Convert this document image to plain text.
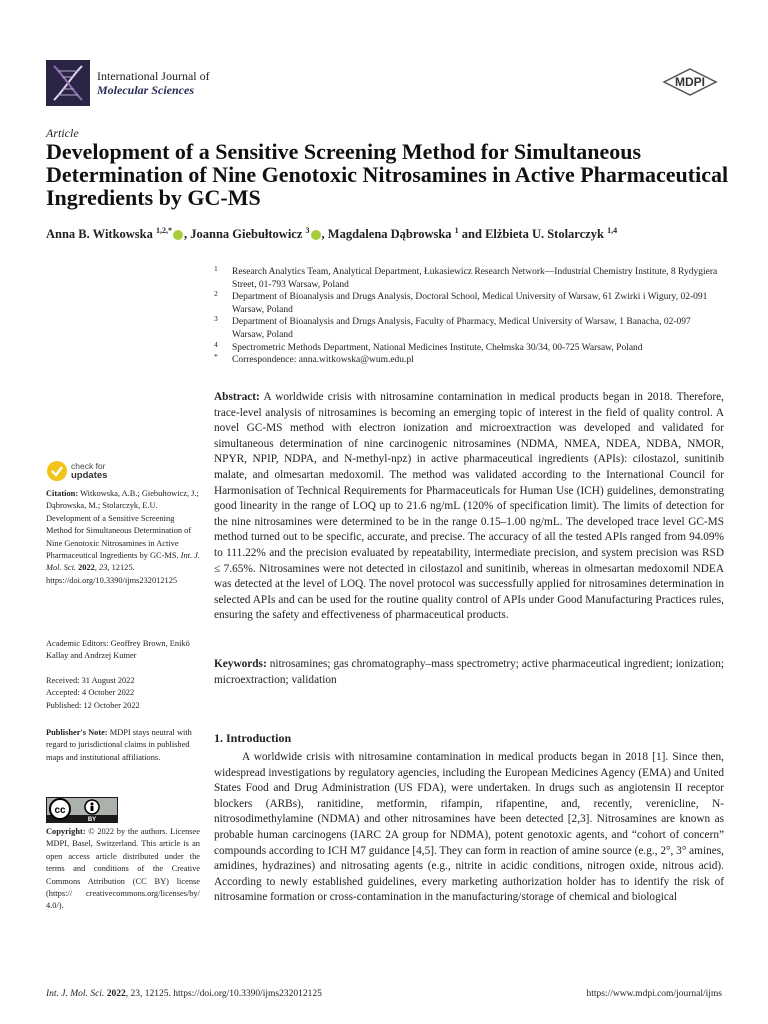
International Journal of
Molecular Sciences
MDPI
Article
Development of a Sensitive Screening Method for Simultaneous Determination of Nine Genotoxic Nitrosamines in Active Pharmaceutical Ingredients by GC-MS
Anna B. Witkowska $^{1,2,*}$ , Joanna Giebułtowicz $^3$ , Magdalena Dąbrowska $^1$ and Elżbieta U. Stolarczyk $^{1,4}$
1 Research Analytics Team, Analytical Department, Łukasiewicz Research Network—Industrial Chemistry Institute, 8 Rydygiera Street, 01-793 Warsaw, Poland
2 Department of Bioanalysis and Drugs Analysis, Doctoral School, Medical University of Warsaw, 61 Zwirki i Wigury, 02-091 Warsaw, Poland
3 Department of Bioanalysis and Drugs Analysis, Faculty of Pharmacy, Medical University of Warsaw, 1 Banacha, 02-097 Warsaw, Poland
4 Spectrometric Methods Department, National Medicines Institute, Chełmska 30/34, 00-725 Warsaw, Poland
* Correspondence: anna.witkowska@wum.edu.pl
Abstract: A worldwide crisis with nitrosamine contamination in medical products began in 2018. Therefore, trace-level analysis of nitrosamines is becoming an emerging topic of interest in the field of quality control. A novel GC-MS method with electron ionization and microextraction was developed and validated for simultaneous determination of nine carcinogenic nitrosamines (NDMA, NMEA, NDEA, NDBA, NMOR, NPYR, NPIP, NDPA, and N-methyl-npz) in active pharmaceutical ingredients (APIs): cilostazol, sunitinib malate, and olmesartan medoxomil. The method was validated according to the International Council for Harmonisation of Technical Requirements for Pharmaceuticals for Human Use (ICH) guidelines, demonstrating good linearity in the range of LOQ up to 21.6 ng/mL (120% of specification limit). The limits of detection for the nine nitrosamines were determined to be in the range 0.15–1.00 ng/mL. The developed trace level GC-MS method turned out to be specific, accurate, and precise. The accuracy of all the tested APIs ranged from 94.09% to 111.22% and the precision evaluated by repeatability, intermediate precision, and system precision was RSD ≤ 7.65%. Nitrosamines were not detected in cilostazol and sunitinib, whereas in olmesartan medoxomil NDEA was detected at the level of LOQ. The novel protocol was successfully applied for nitrosamines determination in selected APIs and can be used for the routine quality control of APIs under Good Manufacturing Practices rules, ensuring the safety and effectiveness of pharmaceutical products.
Keywords: nitrosamines; gas chromatography–mass spectrometry; active pharmaceutical ingredient; ionization; microextraction; validation
check for
updates
Citation: Witkowska, A.B.; Giebułtowicz, J.; Dąbrowska, M.; Stolarczyk, E.U. Development of a Sensitive Screening Method for Simultaneous Determination of Nine Genotoxic Nitrosamines in Active Pharmaceutical Ingredients by GC-MS. Int. J. Mol. Sci. 2022, 23, 12125. https://doi.org/10.3390/ijms232012125
Academic Editors: Geoffrey Brown, Enikö Kallay and Andrzej Kutner
Received: 31 August 2022
Accepted: 4 October 2022
Published: 12 October 2022
Publisher's Note: MDPI stays neutral with regard to jurisdictional claims in published maps and institutional affiliations.
cc
BY
Copyright: © 2022 by the authors. Licensee MDPI, Basel, Switzerland. This article is an open access article distributed under the terms and conditions of the Creative Commons Attribution (CC BY) license (https:// creativecommons.org/licenses/by/ 4.0/).
1. Introduction

A worldwide crisis with nitrosamine contamination in medical products began in 2018 [1]. Since then, widespread investigations by regulatory agencies, including the European Medicines Agency (EMA) and United States Food and Drug Administration (US FDA), were undertaken. In drugs such as angiotensin II receptor blockers (ARBs), ranitidine, metformin, rifampin, rifapentine, and, recently, verenicline, N-nitrosodimethylamine (NDMA) and other nitrosamines have been detected [2,3]. Nitrosamines are known as probable human carcinogens (IARC 2A group for NDMA), potent genotoxic agents, and “cohort of concern” compounds according to ICH M7 guidance [4,5]. They can form in reaction of amine source (e.g., 2°, 3° amines, amidines, hydrazines) and nitrosating agents (e.g., nitrite in acidic conditions, nitrogen oxide, nitrous acid). According to newly established guidelines, every marketing authorization holder has to identify the risk of nitrosamine formation or cross-contamination in the manufacturing/storage of chemical and biological

Int. J. Mol. Sci. 2022, 23, 12125. https://doi.org/10.3390/ijms232012125	https://www.mdpi.com/journal/ijms
